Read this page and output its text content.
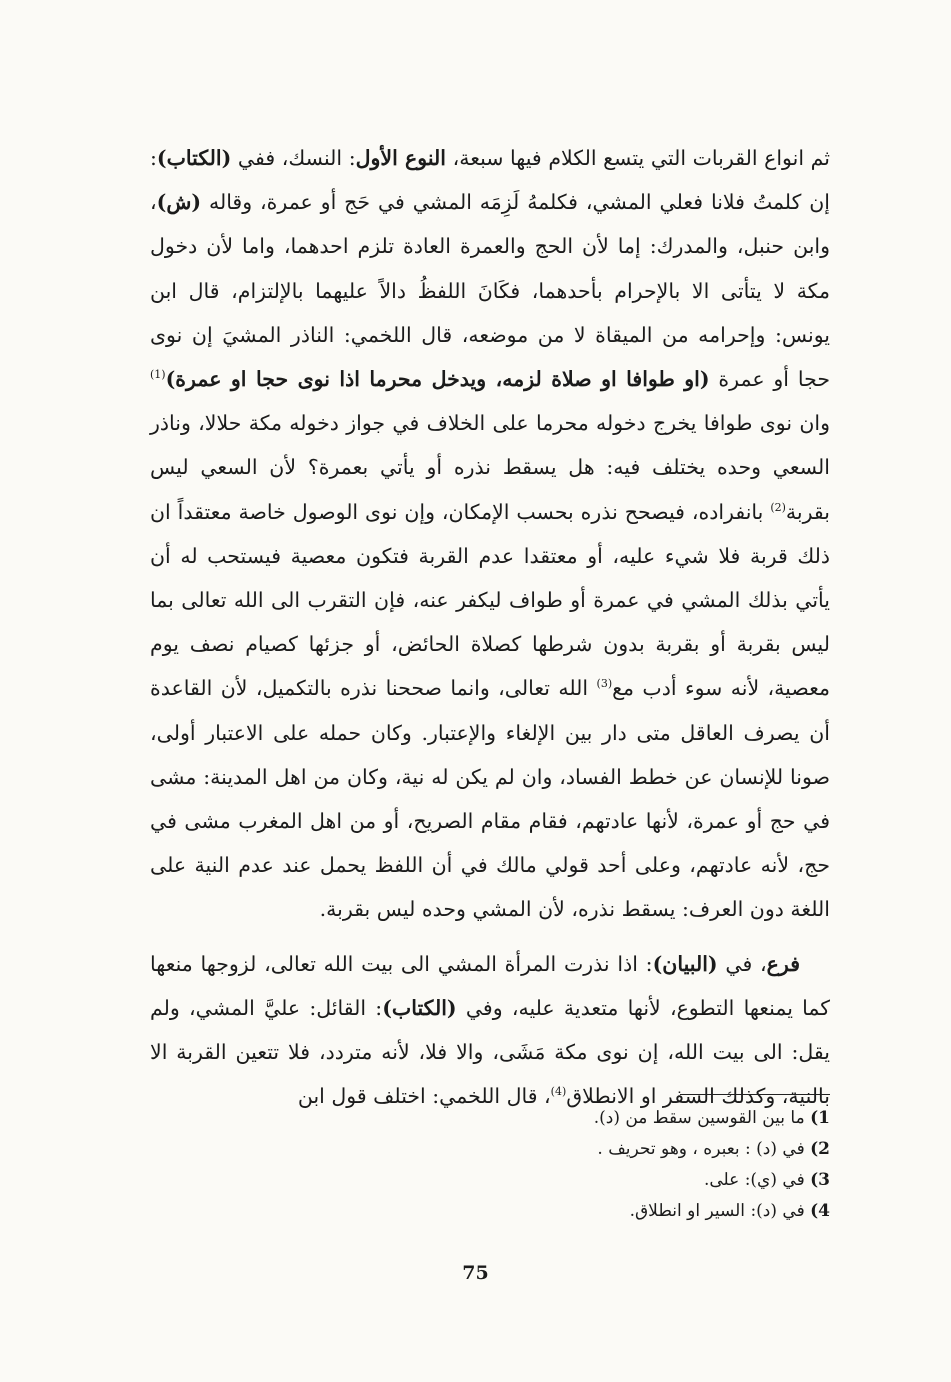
ثم انواع القربات التي يتسع الكلام فيها سبعة، النوع الأول: النسك، ففي (الكتاب): إن كلمتُ فلانا فعلي المشي، فكلمهُ لَزِمَه المشي في حَج أو عمرة، وقاله (ش)، وابن حنبل، والمدرك: إما لأن الحج والعمرة العادة تلزم احدهما، واما لأن دخول مكة لا يتأتى الا بالإحرام بأحدهما، فكَانَ اللفظُ دالاً عليهما بالإلتزام، قال ابن يونس: وإحرامه من الميقاة لا من موضعه، قال اللخمي: الناذر المشيَ إن نوى حجا أو عمرة (او طوافا او صلاة لزمه، ويدخل محرما اذا نوى حجا او عمرة)$^{(1)}$ وان نوى طوافا يخرج دخوله محرما على الخلاف في جواز دخوله مكة حلالا، وناذر السعي وحده يختلف فيه: هل يسقط نذره أو يأتي بعمرة؟ لأن السعي ليس بقربة$^{(2)}$ بانفراده، فيصحح نذره بحسب الإمكان، وإن نوى الوصول خاصة معتقداً ان ذلك قربة فلا شيء عليه، أو معتقدا عدم القربة فتكون معصية فيستحب له أن يأتي بذلك المشي في عمرة أو طواف ليكفر عنه، فإن التقرب الى الله تعالى بما ليس بقربة أو بقربة بدون شرطها كصلاة الحائض، أو جزئها كصيام نصف يوم معصية، لأنه سوء أدب مع$^{(3)}$ الله تعالى، وانما صححنا نذره بالتكميل، لأن القاعدة أن يصرف العاقل متى دار بين الإلغاء والإعتبار. وكان حمله على الاعتبار أولى، صونا للإنسان عن خطط الفساد، وان لم يكن له نية، وكان من اهل المدينة: مشى في حج أو عمرة، لأنها عادتهم، فقام مقام الصريح، أو من اهل المغرب مشى في حج، لأنه عادتهم، وعلى أحد قولي مالك في أن اللفظ يحمل عند عدم النية على اللغة دون العرف: يسقط نذره، لأن المشي وحده ليس بقربة.

فرع، في (البيان): اذا نذرت المرأة المشي الى بيت الله تعالى، لزوجها منعها كما يمنعها التطوع، لأنها متعدية عليه، وفي (الكتاب): القائل: عليَّ المشي، ولم يقل: الى بيت الله، إن نوى مكة مَشَى، والا فلا، لأنه متردد، فلا تتعين القربة الا بالنية، وكذلك السفر او الانطلاق$^{(4)}$، قال اللخمي: اختلف قول ابن

1) ما بين القوسين سقط من (د).
2) في (د) : بعبره ، وهو تحريف .
3) في (ي): على.
4) في (د): السير او انطلاق.
75
